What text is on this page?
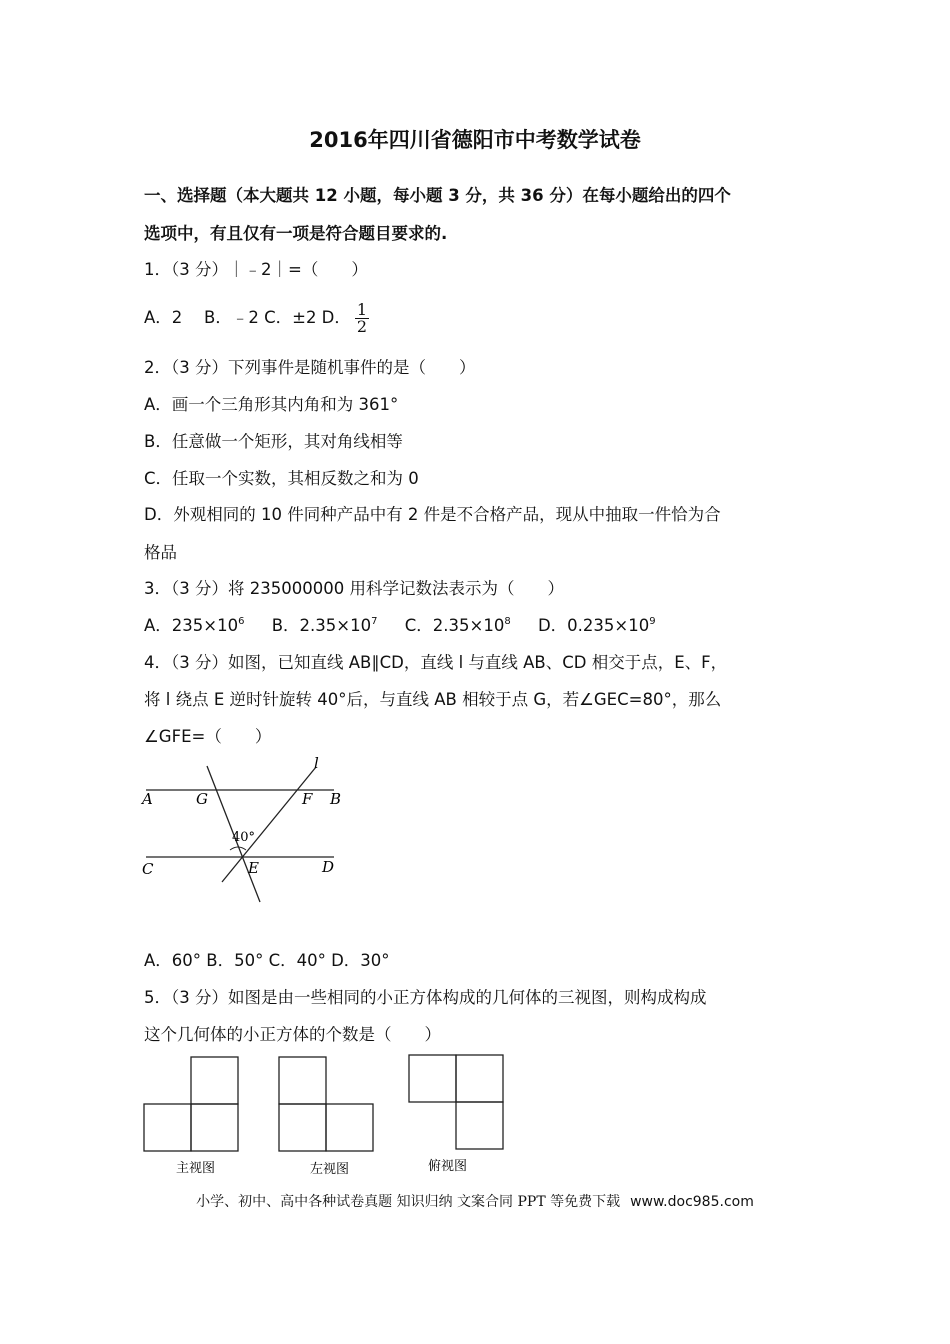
2016年四川省德阳市中考数学试卷
一、选择题（本大题共 12 小题，每小题 3 分，共 36 分）在每小题给出的四个
选项中，有且仅有一项是符合题目要求的.
1．（3 分）｜﹣2｜=（　　）
A．2　 B．﹣2 C．±2 D． $\frac{1}{2}$
2．（3 分）下列事件是随机事件的是（　　）
A．画一个三角形其内角和为 361°
B．任意做一个矩形，其对角线相等
C．任取一个实数，其相反数之和为 0
D．外观相同的 10 件同种产品中有 2 件是不合格产品，现从中抽取一件恰为合
格品
3．（3 分）将 235000000 用科学记数法表示为（　　）
A．$235\times 10^6$ B．$2.35\times 10^7$ C．$2.35\times 10^8$ D．$0.235\times 10^9$
4．（3 分）如图，已知直线 AB∥CD，直线 l 与直线 AB、CD 相交于点，E、F，
将 l 绕点 E 逆时针旋转 40°后，与直线 AB 相较于点 G，若∠GEC=80°，那么
∠GFE=（　　）
l
A	G	F B
40°
C	E	D
A．60° B．50° C．40° D．30°
5．（3 分）如图是由一些相同的小正方体构成的几何体的三视图，则构成构成
这个几何体的小正方体的个数是（　　）
主视图	左视图	俯视图
小学、初中、高中各种试卷真题 知识归纳 文案合同 PPT 等免费下载 www.doc985.com
